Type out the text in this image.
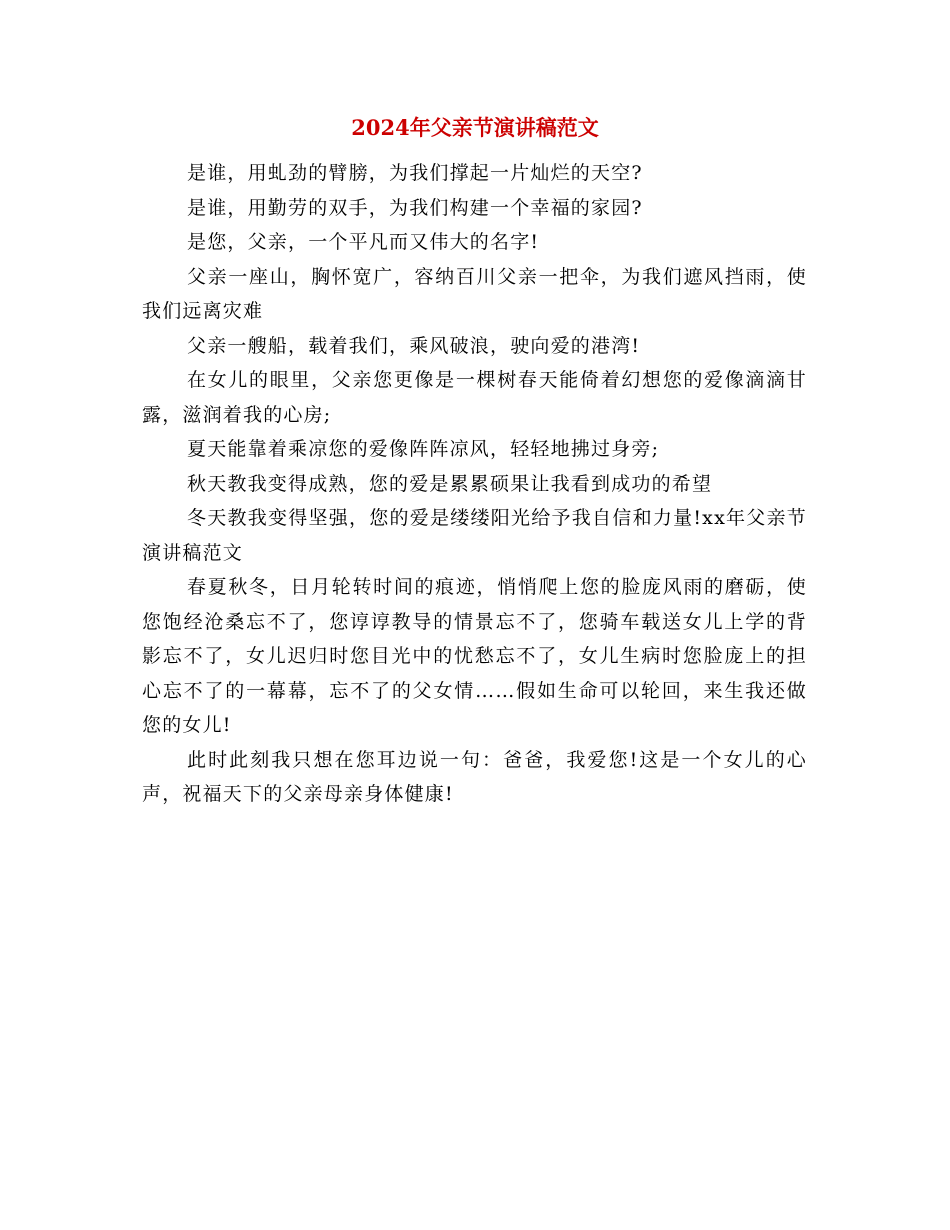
2024年父亲节演讲稿范文

是谁，用虬劲的臂膀，为我们撑起一片灿烂的天空?

是谁，用勤劳的双手，为我们构建一个幸福的家园?

是您，父亲，一个平凡而又伟大的名字!

父亲一座山，胸怀宽广，容纳百川父亲一把伞，为我们遮风挡雨，使我们远离灾难

父亲一艘船，载着我们，乘风破浪，驶向爱的港湾!

在女儿的眼里，父亲您更像是一棵树春天能倚着幻想您的爱像滴滴甘露，滋润着我的心房;

夏天能靠着乘凉您的爱像阵阵凉风，轻轻地拂过身旁;

秋天教我变得成熟，您的爱是累累硕果让我看到成功的希望

冬天教我变得坚强，您的爱是缕缕阳光给予我自信和力量!xx年父亲节演讲稿范文

春夏秋冬，日月轮转时间的痕迹，悄悄爬上您的脸庞风雨的磨砺，使您饱经沧桑忘不了，您谆谆教导的情景忘不了，您骑车载送女儿上学的背影忘不了，女儿迟归时您目光中的忧愁忘不了，女儿生病时您脸庞上的担心忘不了的一幕幕，忘不了的父女情……假如生命可以轮回，来生我还做您的女儿!

此时此刻我只想在您耳边说一句：爸爸，我爱您!这是一个女儿的心声，祝福天下的父亲母亲身体健康!
